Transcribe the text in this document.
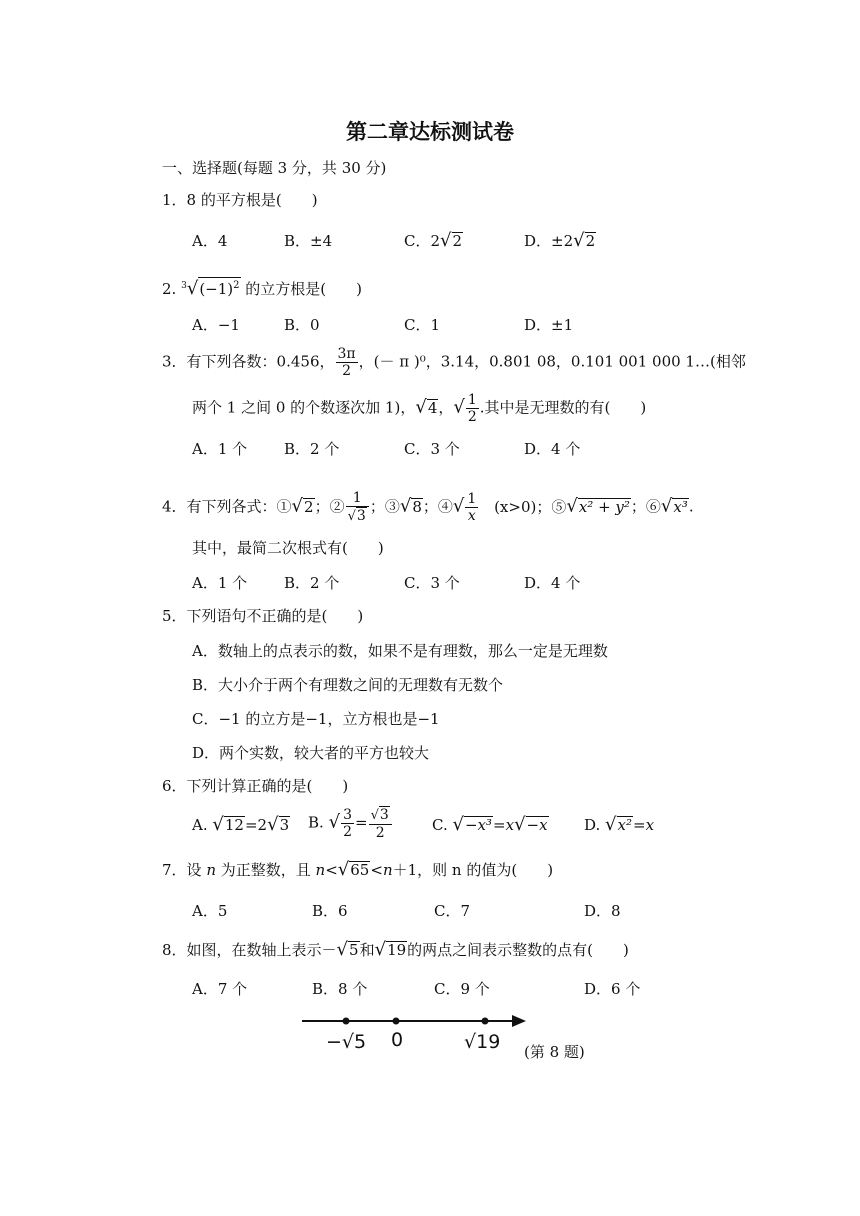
第二章达标测试卷
一、选择题(每题 3 分，共 30 分)
1．8 的平方根是(　　)
A．4	B．±4	C．2√2	D．±2√2
2. $^3√(-1)^2$ 的立方根是(　　)
A．−1	B．0	C．1	D．±1
3．有下列各数：0.456， $\frac{3\pi}{2}$ ，(－ π )⁰，3.14，0.801 08，0.101 001 000 1…(相邻
两个 1 之间 0 的个数逐次加 1)，√4，√ $\frac{1}{2}$ .其中是无理数的有(　　)
A．1 个 B．2 个	C．3 个	D．4 个
4．有下列各式：①√2；② $\frac{1}{√3}$ ；③√8；④√ $\frac{1}{x} (x>0)$；⑤√x² + y²；⑥√x³.
其中，最简二次根式有(　　)
A．1 个 B．2 个	C．3 个	D．4 个
5．下列语句不正确的是(　　)
A．数轴上的点表示的数，如果不是有理数，那么一定是无理数
B．大小介于两个有理数之间的无理数有无数个
C．−1 的立方是−1，立方根也是−1
D．两个实数，较大者的平方也较大
6．下列计算正确的是(　　)
A. √12=2√3 B. √ $\frac{3}{2} = \frac{√3}{2}$	C. √−x³=x√−x D. √x²=x
7．设 n 为正整数，且 n<√65<n＋1，则 n 的值为(　　)
A．5	B．6	C．7	D．8
8．如图，在数轴上表示－√5和√19的两点之间表示整数的点有(　　)
A．7 个	B．8 个	C．9 个	D．6 个
−√5 0	√19 (第 8 题)
